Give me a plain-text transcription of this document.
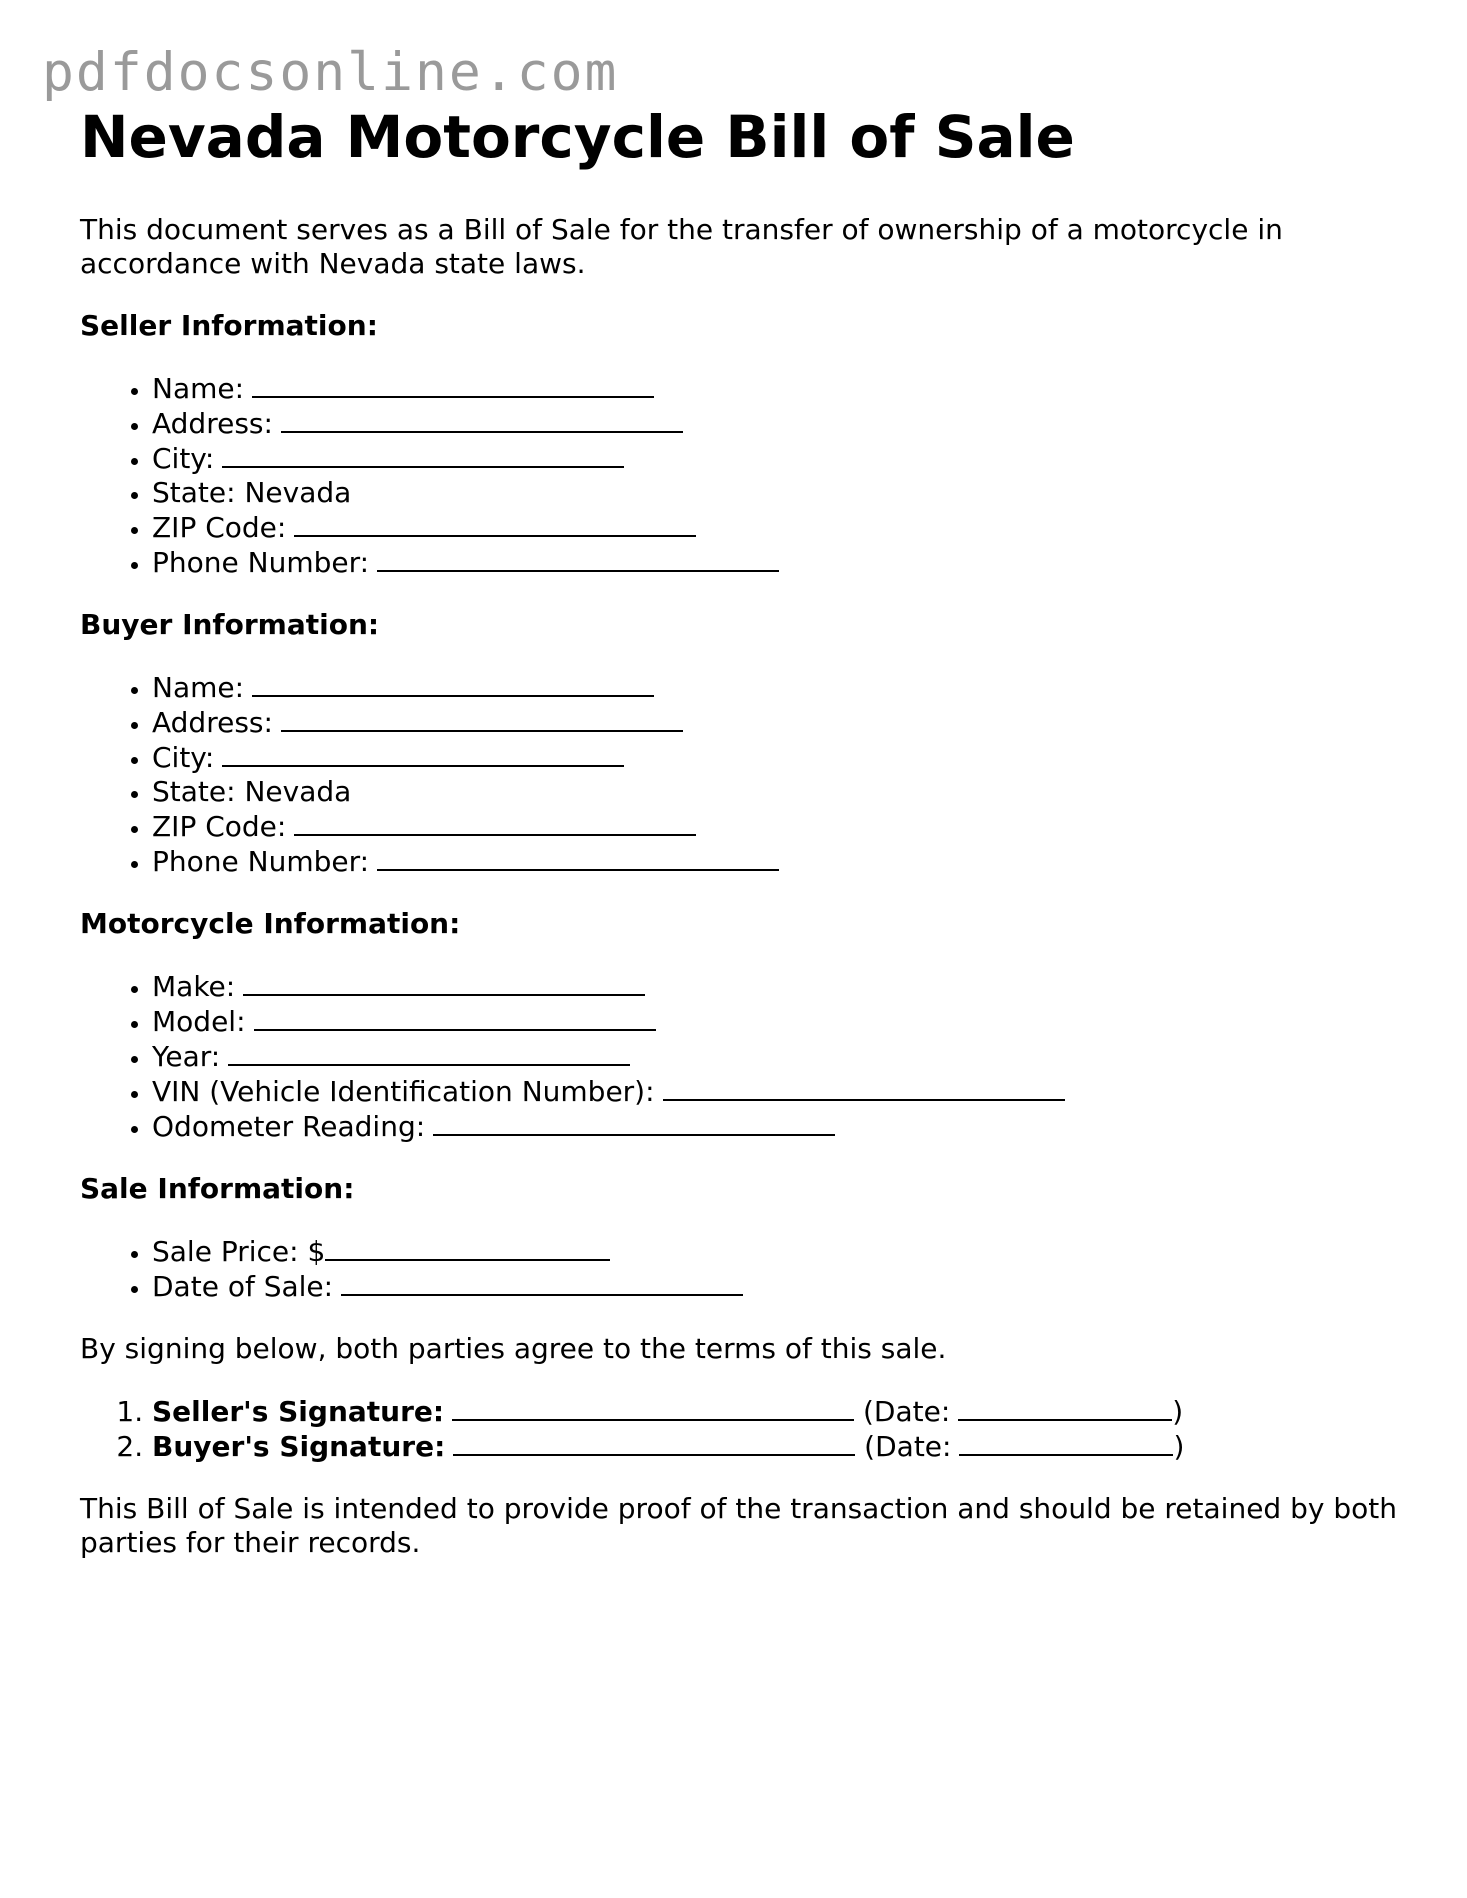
pdfdocsonline.com
Nevada Motorcycle Bill of Sale

This document serves as a Bill of Sale for the transfer of ownership of a motorcycle in accordance with Nevada state laws.

Seller Information:
• Name:
• Address:
• City:
• State: Nevada
• ZIP Code:
• Phone Number:
Buyer Information:
• Name:
• Address:
• City:
• State: Nevada
• ZIP Code:
• Phone Number:
Motorcycle Information:
• Make:
• Model:
• Year:
• VIN (Vehicle Identification Number):
• Odometer Reading:
Sale Information:
• Sale Price: $
• Date of Sale:

By signing below, both parties agree to the terms of this sale.

1. Seller's Signature:	(Date:	)
2. Buyer's Signature:	(Date:	)

This Bill of Sale is intended to provide proof of the transaction and should be retained by both parties for their records.
